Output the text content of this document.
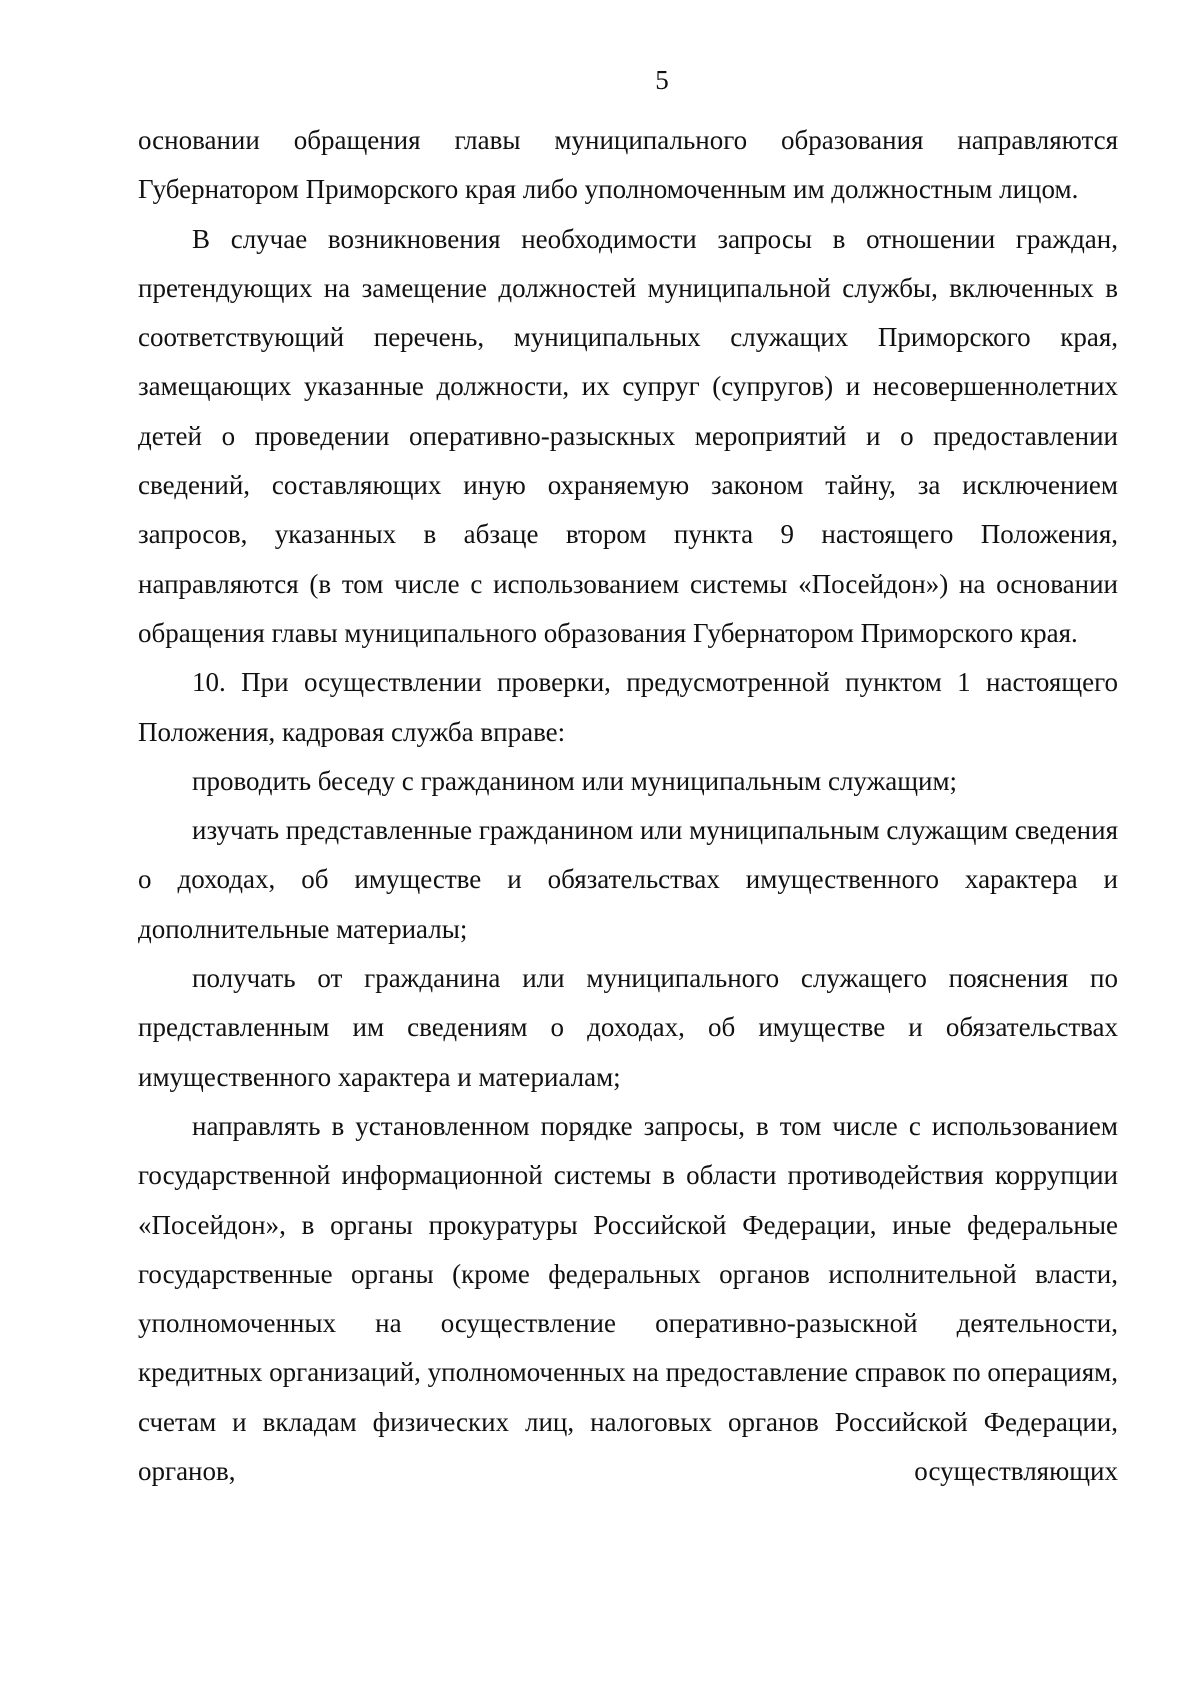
5

основании обращения главы муниципального образования направляются Губернатором Приморского края либо уполномоченным им должностным лицом.

В случае возникновения необходимости запросы в отношении граждан, претендующих на замещение должностей муниципальной службы, включенных в соответствующий перечень, муниципальных служащих Приморского края, замещающих указанные должности, их супруг (супругов) и несовершеннолетних детей о проведении оперативно-разыскных мероприятий и о предоставлении сведений, составляющих иную охраняемую законом тайну, за исключением запросов, указанных в абзаце втором пункта 9 настоящего Положения, направляются (в том числе с использованием системы «Посейдон») на основании обращения главы муниципального образования Губернатором Приморского края.

10. При осуществлении проверки, предусмотренной пунктом 1 настоящего Положения, кадровая служба вправе:

проводить беседу с гражданином или муниципальным служащим;

изучать представленные гражданином или муниципальным служащим сведения о доходах, об имуществе и обязательствах имущественного характера и дополнительные материалы;

получать от гражданина или муниципального служащего пояснения по представленным им сведениям о доходах, об имуществе и обязательствах имущественного характера и материалам;

направлять в установленном порядке запросы, в том числе с использованием государственной информационной системы в области противодействия коррупции «Посейдон», в органы прокуратуры Российской Федерации, иные федеральные государственные органы (кроме федеральных органов исполнительной власти, уполномоченных на осуществление оперативно-разыскной деятельности, кредитных организаций, уполномоченных на предоставление справок по операциям, счетам и вкладам физических лиц, налоговых органов Российской Федерации, органов, осуществляющих
